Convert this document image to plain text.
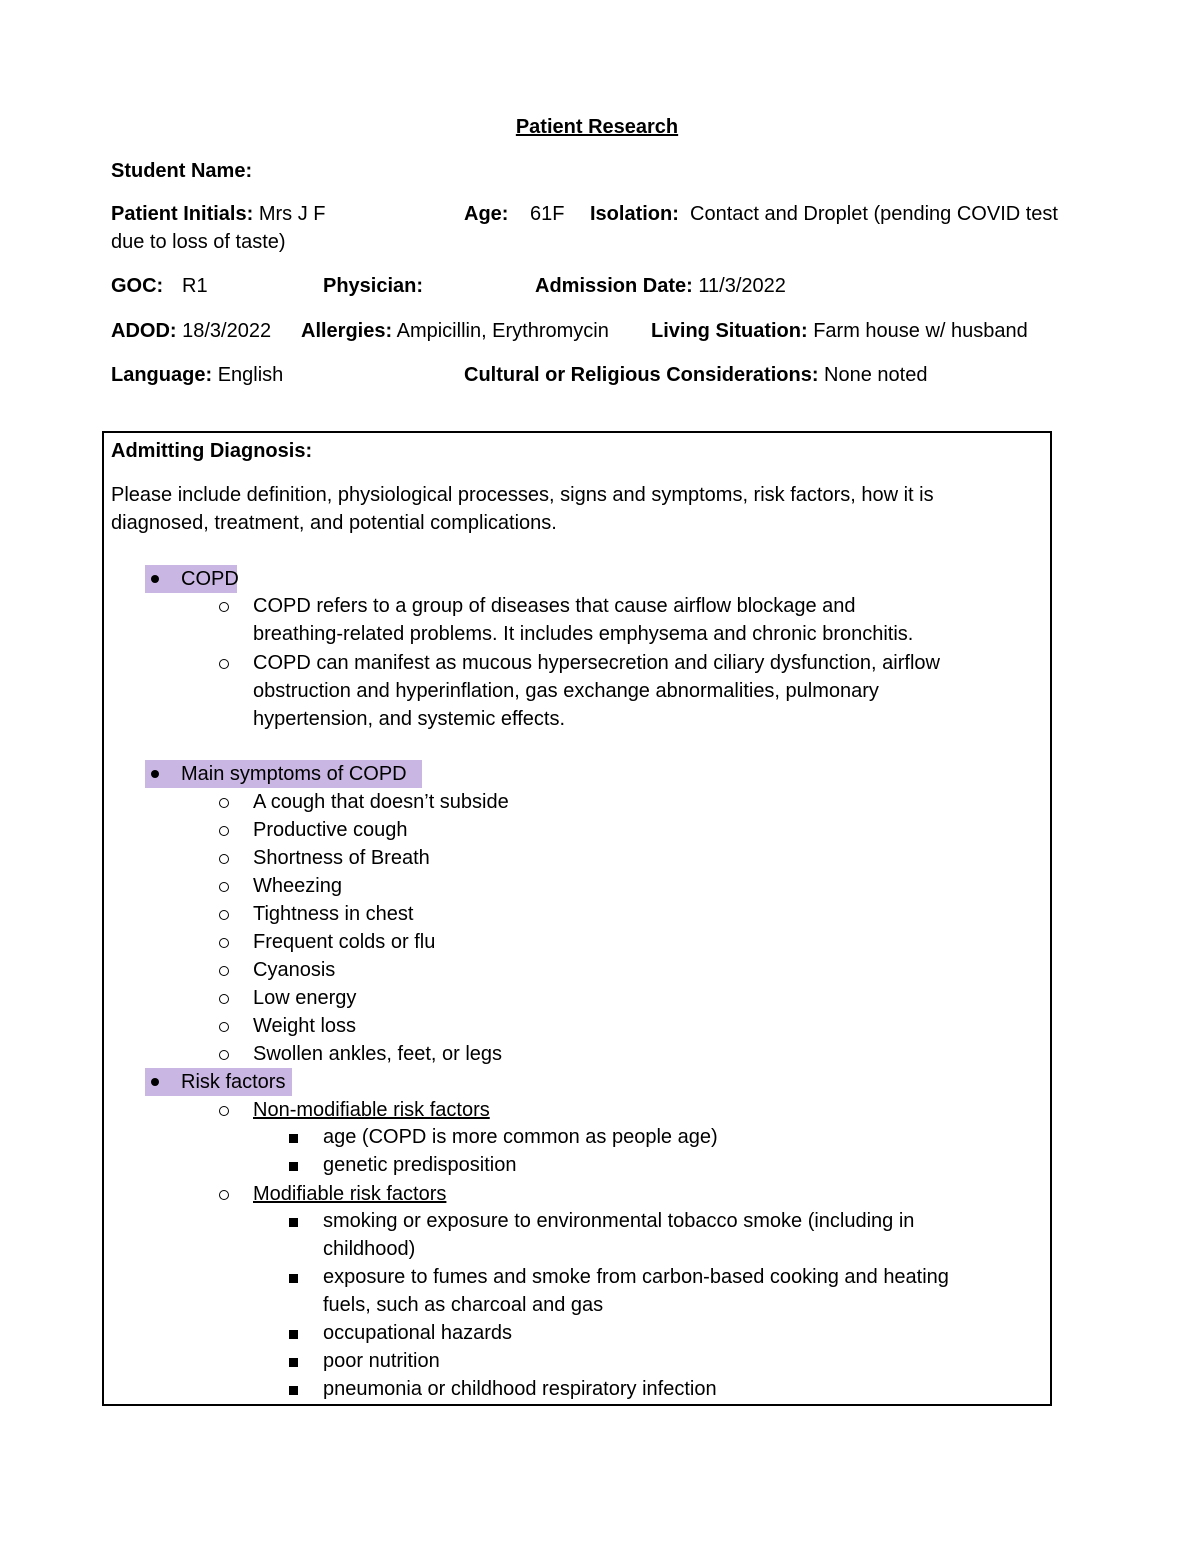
Patient Research
Student Name:
Patient Initials: Mrs J F	Age: 61F Isolation: Contact and Droplet (pending COVID test
due to loss of taste)
GOC: R1	Physician:	Admission Date: 11/3/2022
ADOD: 18/3/2022 Allergies: Ampicillin, Erythromycin Living Situation: Farm house w/ husband
Language: English	Cultural or Religious Considerations: None noted
Admitting Diagnosis:
Please include definition, physiological processes, signs and symptoms, risk factors, how it is
diagnosed, treatment, and potential complications.
COPD
COPD refers to a group of diseases that cause airflow blockage and
breathing-related problems. It includes emphysema and chronic bronchitis.
COPD can manifest as mucous hypersecretion and ciliary dysfunction, airflow
obstruction and hyperinflation, gas exchange abnormalities, pulmonary
hypertension, and systemic effects.
Main symptoms of COPD
A cough that doesn’t subside
Productive cough
Shortness of Breath
Wheezing
Tightness in chest
Frequent colds or flu
Cyanosis
Low energy
Weight loss
Swollen ankles, feet, or legs
Risk factors
Non-modifiable risk factors
age (COPD is more common as people age)
genetic predisposition
Modifiable risk factors
smoking or exposure to environmental tobacco smoke (including in
childhood)
exposure to fumes and smoke from carbon-based cooking and heating
fuels, such as charcoal and gas
occupational hazards
poor nutrition
pneumonia or childhood respiratory infection
